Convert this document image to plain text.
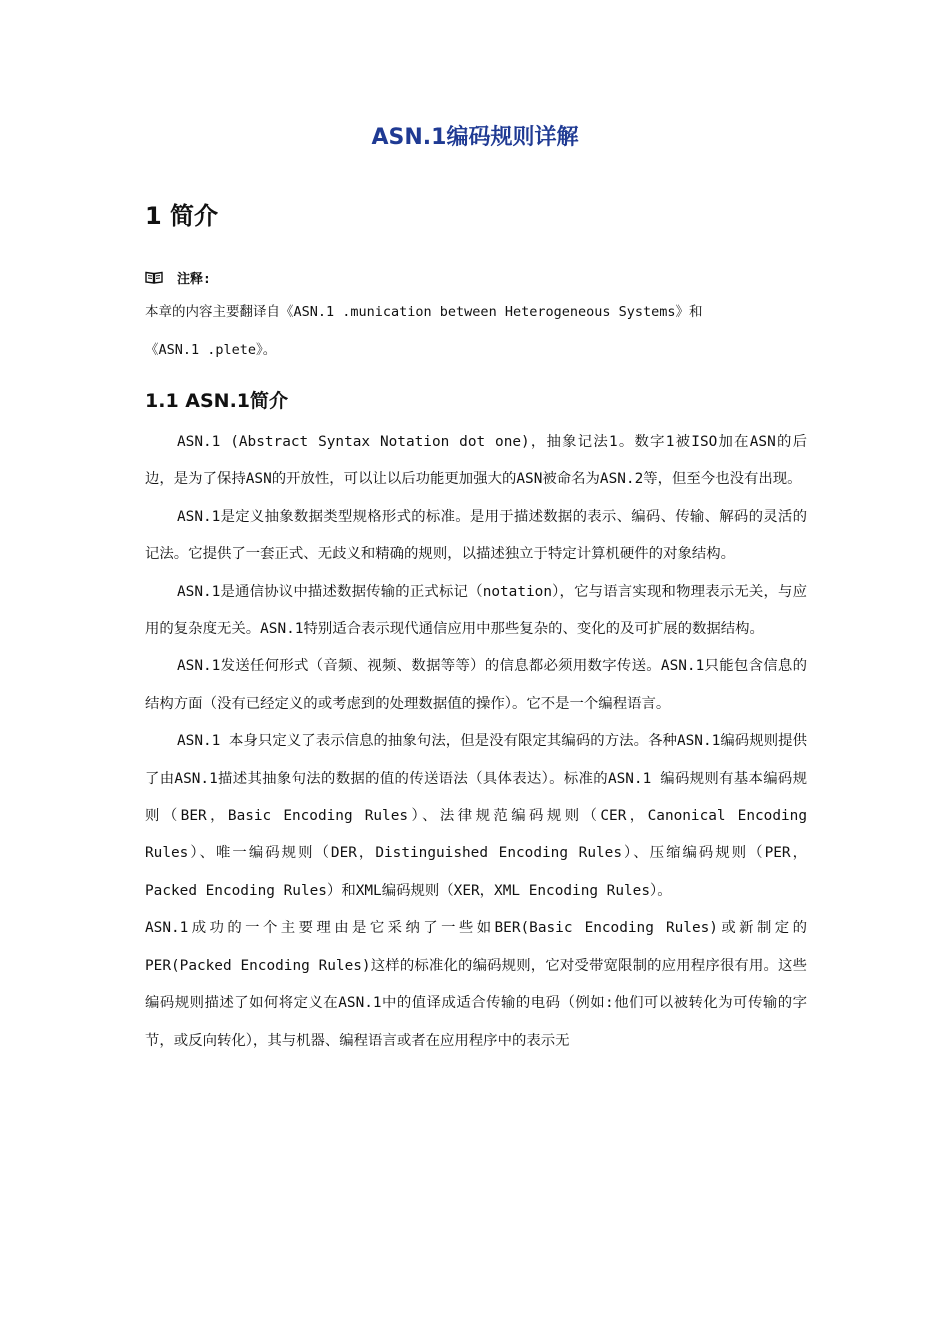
ASN.1编码规则详解
1 简介
注释:
本章的内容主要翻译自《ASN.1 .munication between Heterogeneous Systems》和
《ASN.1 .plete》。
1.1 ASN.1简介

ASN.1 (Abstract Syntax Notation dot one)，抽象记法1。数字1被ISO加在ASN的后边，是为了保持ASN的开放性，可以让以后功能更加强大的ASN被命名为ASN.2等，但至今也没有出现。

ASN.1是定义抽象数据类型规格形式的标准。是用于描述数据的表示、编码、传输、解码的灵活的记法。它提供了一套正式、无歧义和精确的规则，以描述独立于特定计算机硬件的对象结构。

ASN.1是通信协议中描述数据传输的正式标记（notation），它与语言实现和物理表示无关，与应用的复杂度无关。ASN.1特别适合表示现代通信应用中那些复杂的、变化的及可扩展的数据结构。

ASN.1发送任何形式（音频、视频、数据等等）的信息都必须用数字传送。ASN.1只能包含信息的结构方面（没有已经定义的或考虑到的处理数据值的操作）。它不是一个编程语言。

ASN.1 本身只定义了表示信息的抽象句法，但是没有限定其编码的方法。各种ASN.1编码规则提供了由ASN.1描述其抽象句法的数据的值的传送语法（具体表达）。标准的ASN.1 编码规则有基本编码规则（BER，Basic Encoding Rules）、法律规范编码规则（CER，Canonical Encoding Rules）、唯一编码规则（DER，Distinguished Encoding Rules）、压缩编码规则（PER，Packed Encoding Rules）和XML编码规则（XER，XML Encoding Rules）。

ASN.1成功的一个主要理由是它采纳了一些如BER(Basic Encoding Rules)或新制定的PER(Packed Encoding Rules)这样的标准化的编码规则，它对受带宽限制的应用程序很有用。这些编码规则描述了如何将定义在ASN.1中的值译成适合传输的电码（例如:他们可以被转化为可传输的字节，或反向转化），其与机器、编程语言或者在应用程序中的表示无
